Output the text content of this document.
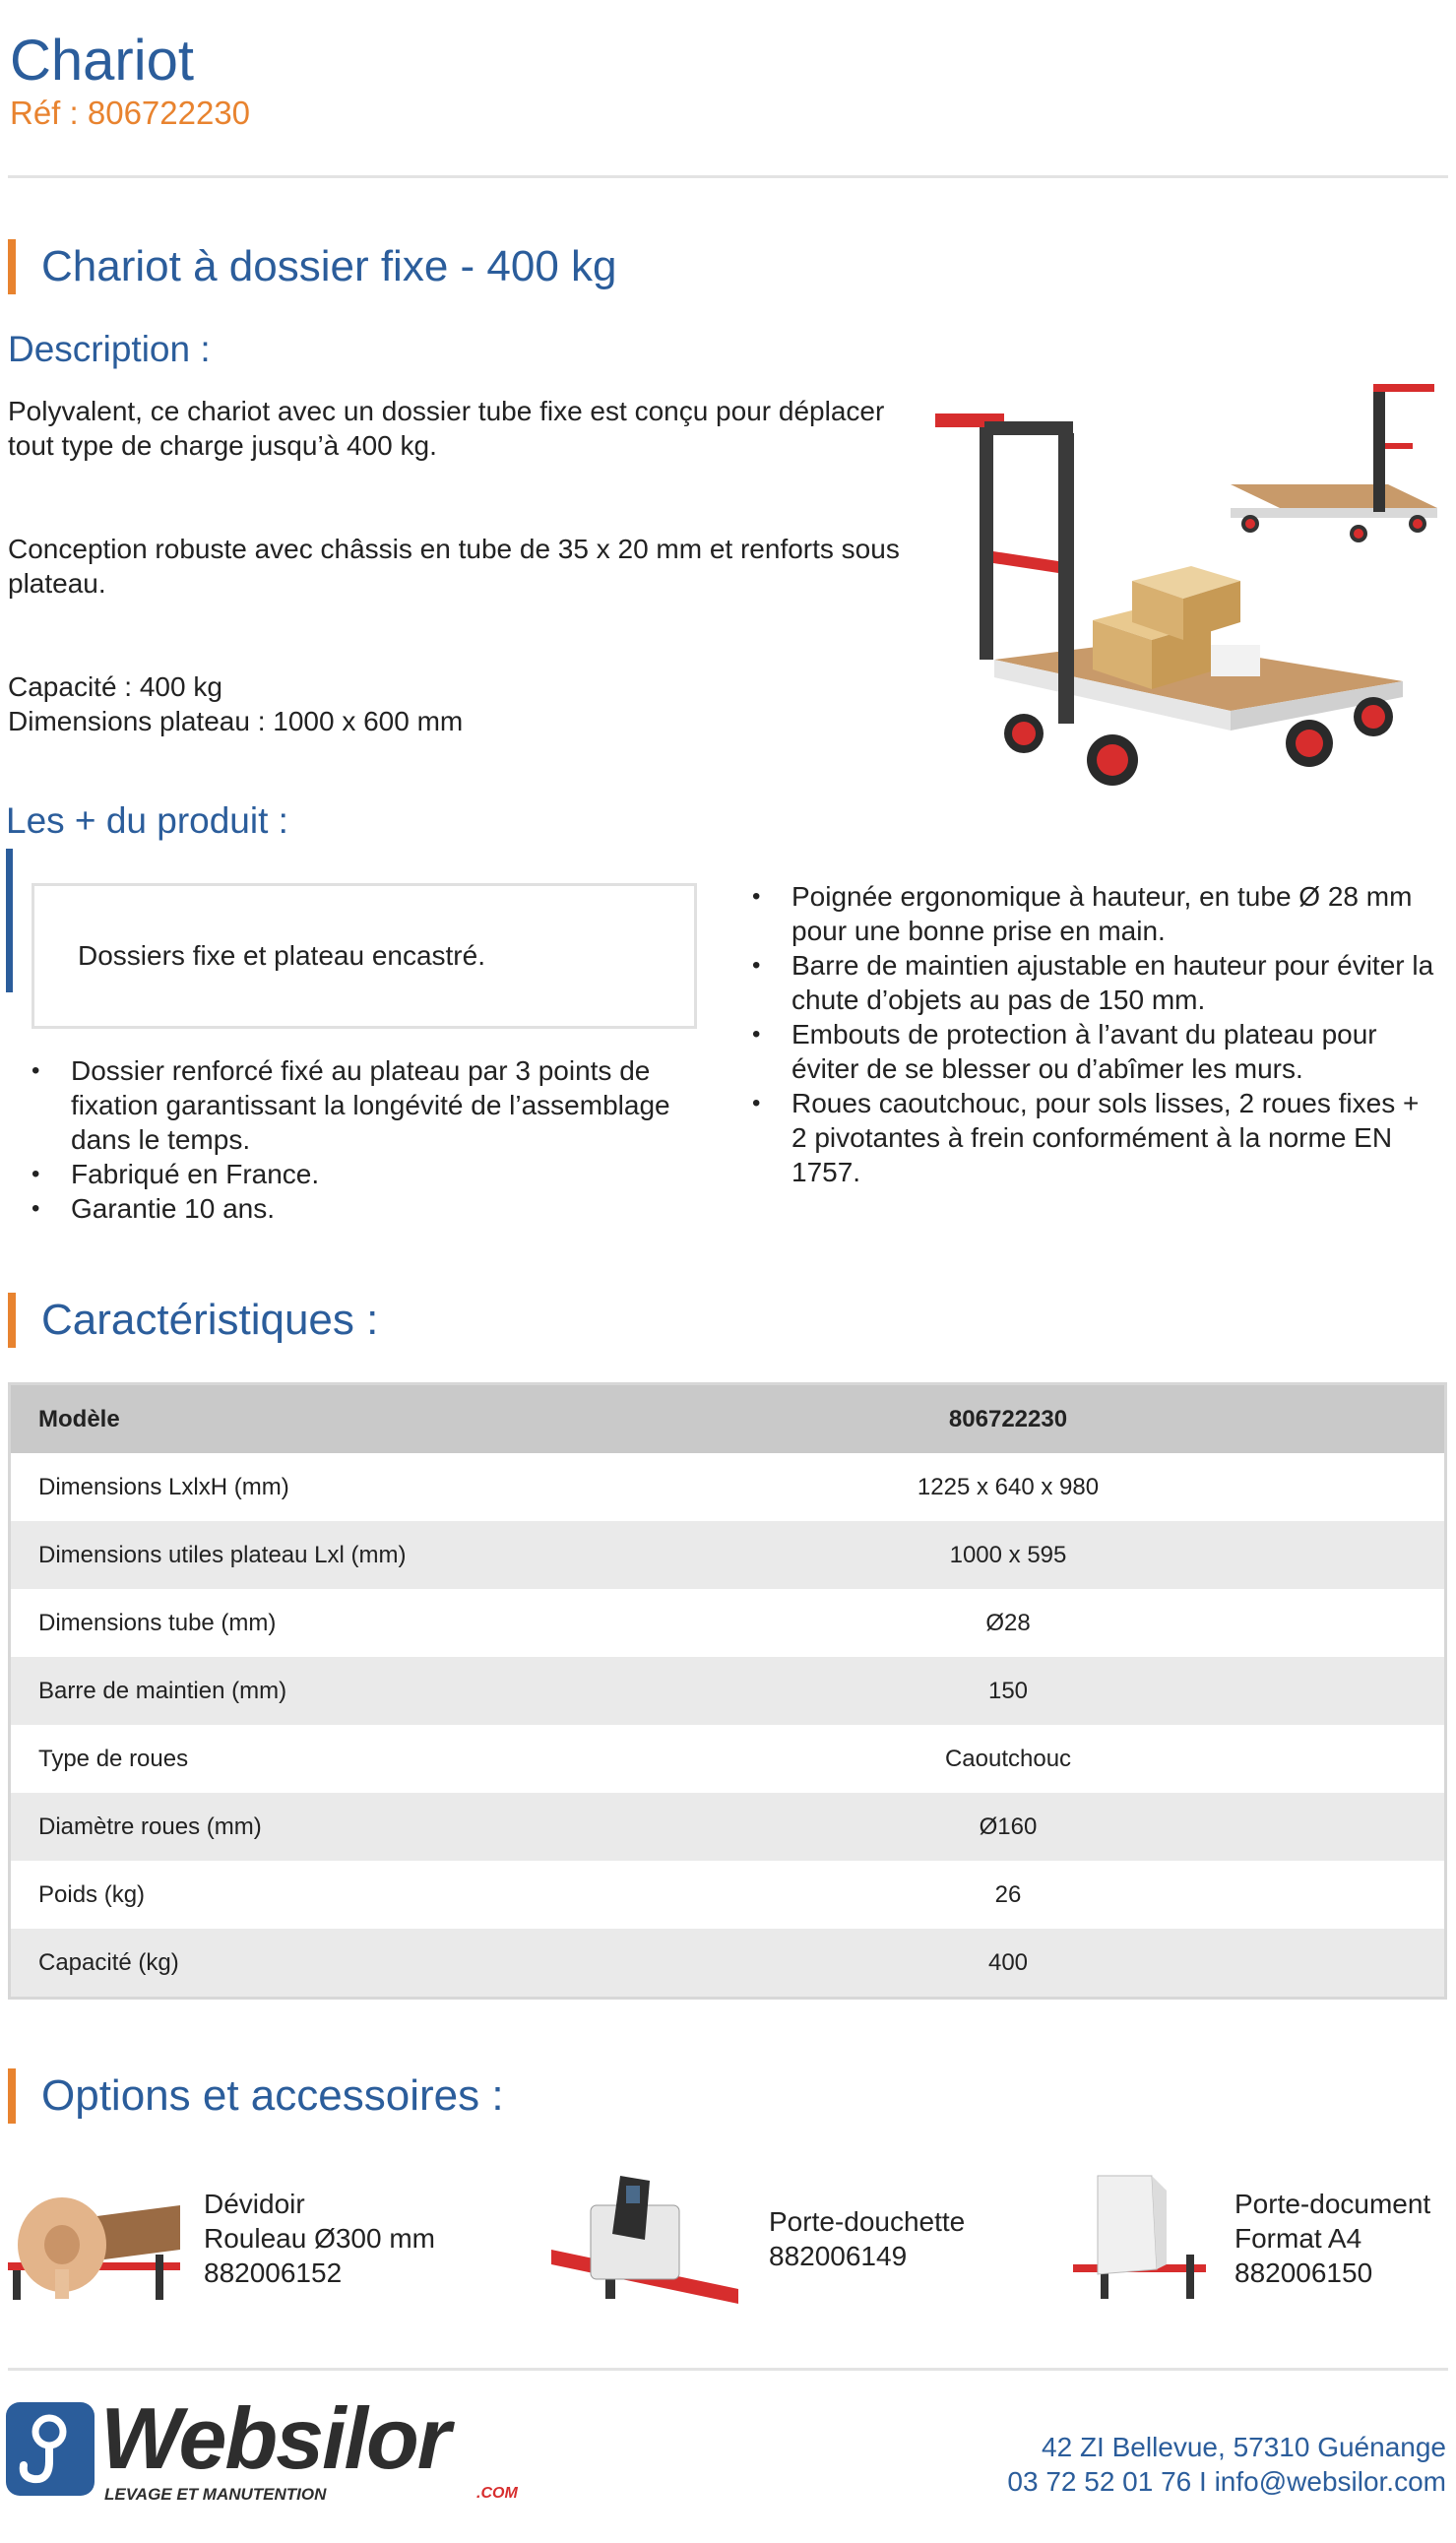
Chariot
Réf : 806722230
Chariot à dossier fixe - 400 kg
Description :
Polyvalent, ce chariot avec un dossier tube fixe est conçu pour déplacer tout type de charge jusqu’à 400 kg.
Conception robuste avec châssis en tube de 35 x 20 mm et renforts sous plateau.
Capacité : 400 kg
Dimensions plateau : 1000 x 600 mm
Les + du produit :
Dossiers fixe et plateau encastré.
• Dossier renforcé fixé au plateau par 3 points de fixation garantissant la longévité de l’assemblage dans le temps.
• Fabriqué en France.
• Garantie 10 ans.
• Poignée ergonomique à hauteur, en tube Ø 28 mm pour une bonne prise en main.
• Barre de maintien ajustable en hauteur pour éviter la chute d’objets au pas de 150 mm.
• Embouts de protection à l’avant du plateau pour éviter de se blesser ou d’abîmer les murs.
• Roues caoutchouc, pour sols lisses, 2 roues fixes + 2 pivotantes à frein conformément à la norme EN 1757.
Caractéristiques :
Modèle	806722230
Dimensions LxlxH (mm)	1225 x 640 x 980
Dimensions utiles plateau Lxl (mm)	1000 x 595
Dimensions tube (mm)	Ø28
Barre de maintien (mm)	150
Type de roues	Caoutchouc
Diamètre roues (mm)	Ø160
Poids (kg)	26
Capacité (kg)	400
Options et accessoires :
Dévidoir
Rouleau Ø300 mm
882006152
Porte-douchette
882006149
Porte-document
Format A4
882006150
Websilor
LEVAGE ET MANUTENTION	.COM
42 ZI Bellevue, 57310 Guénange
03 72 52 01 76 I info@websilor.com
